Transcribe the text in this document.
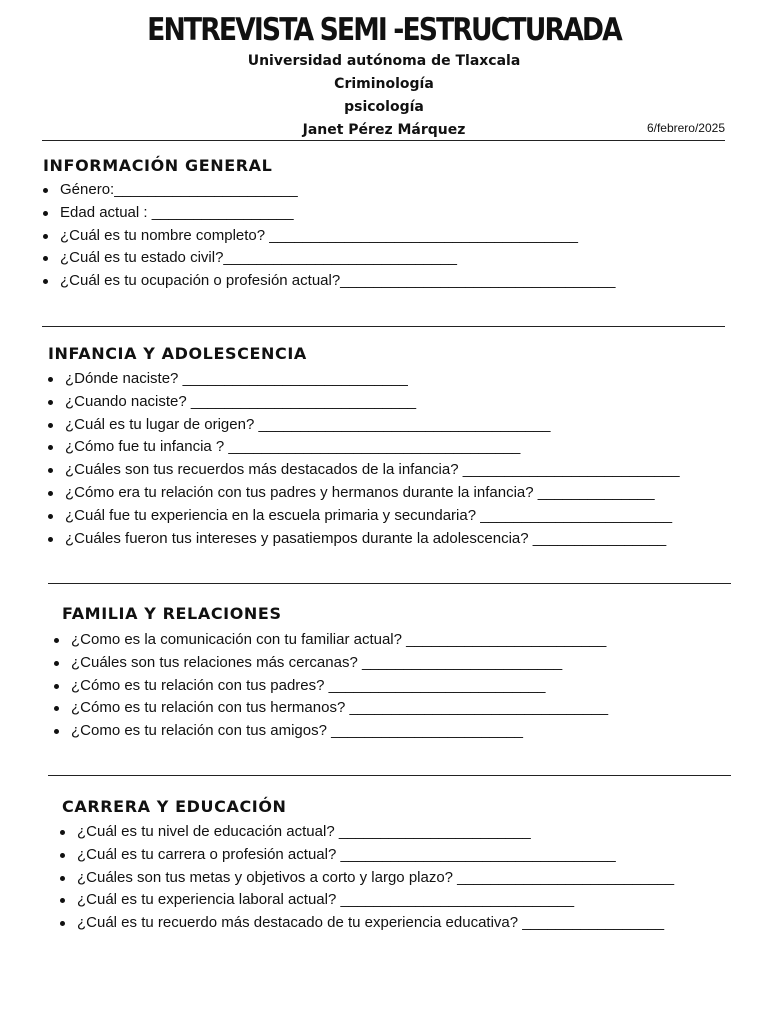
ENTREVISTA SEMI -ESTRUCTURADA
Universidad autónoma de Tlaxcala
Criminología
psicología
Janet Pérez Márquez	6/febrero/2025
INFORMACIÓN GENERAL
Género:______________________
Edad actual : _________________
¿Cuál es tu nombre completo? _____________________________________
¿Cuál es tu estado civil?____________________________
¿Cuál es tu ocupación o profesión actual?_________________________________
INFANCIA Y ADOLESCENCIA
¿Dónde naciste? ___________________________
¿Cuando naciste? ___________________________
¿Cuál es tu lugar de origen? ___________________________________
¿Cómo fue tu infancia ? ___________________________________
¿Cuáles son tus recuerdos más destacados de la infancia? __________________________
¿Cómo era tu relación con tus padres y hermanos durante la infancia? ______________
¿Cuál fue tu experiencia en la escuela primaria y secundaria? _______________________
¿Cuáles fueron tus intereses y pasatiempos durante la adolescencia? ________________
FAMILIA Y RELACIONES
¿Como es la comunicación con tu familiar actual? ________________________
¿Cuáles son tus relaciones más cercanas? ________________________
¿Cómo es tu relación con tus padres? __________________________
¿Cómo es tu relación con tus hermanos? _______________________________
¿Como es tu relación con tus amigos? _______________________
CARRERA Y EDUCACIÓN
¿Cuál es tu nivel de educación actual? _______________________
¿Cuál es tu carrera o profesión actual? _________________________________
¿Cuáles son tus metas y objetivos a corto y largo plazo? __________________________
¿Cuál es tu experiencia laboral actual? ____________________________
¿Cuál es tu recuerdo más destacado de tu experiencia educativa? _________________
